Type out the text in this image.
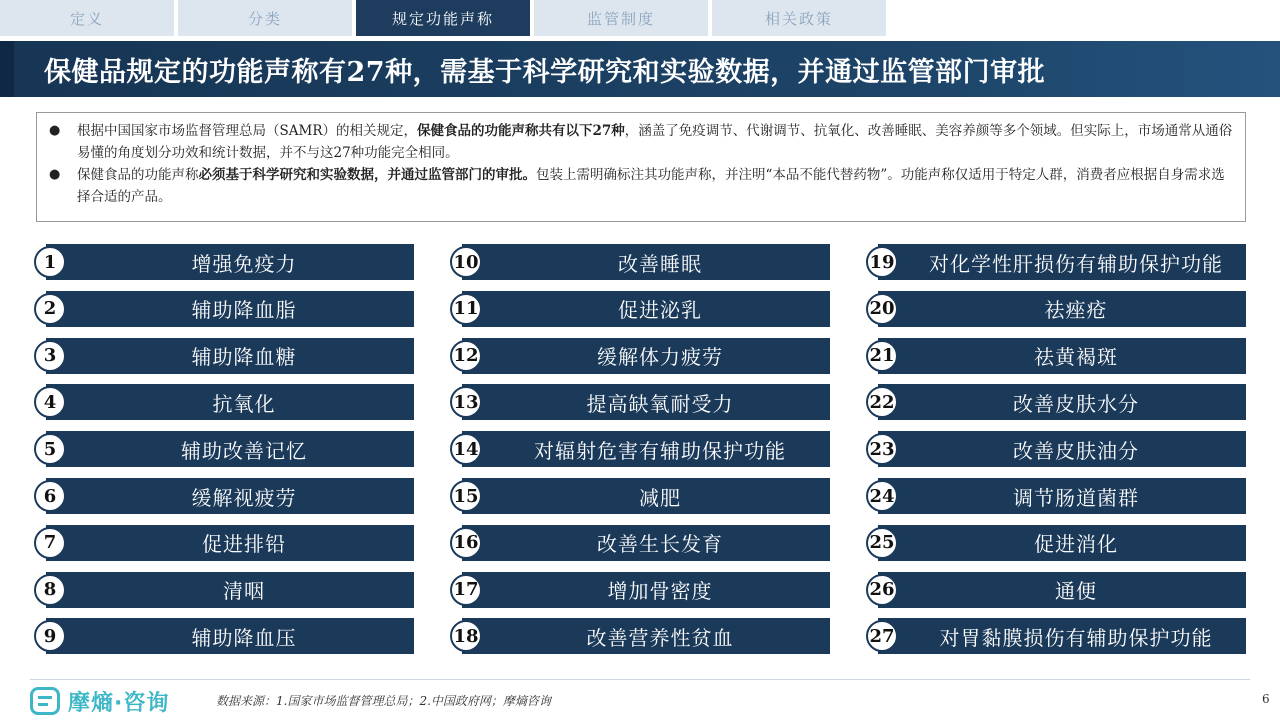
定义	分类	规定功能声称	监管制度	相关政策
保健品规定的功能声称有27种，需基于科学研究和实验数据，并通过监管部门审批

● 根据中国国家市场监督管理总局（SAMR）的相关规定，保健食品的功能声称共有以下27种，涵盖了免疫调节、代谢调节、抗氧化、改善睡眠、美容养颜等多个领域。但实际上，市场通常从通俗易懂的角度划分功效和统计数据，并不与这27种功能完全相同。

● 保健食品的功能声称必须基于科学研究和实验数据，并通过监管部门的审批。包装上需明确标注其功能声称，并注明“本品不能代替药物”。功能声称仅适用于特定人群，消费者应根据自身需求选择合适的产品。

增强免疫力
1
辅助降血脂
2
辅助降血糖
3
抗氧化
4
辅助改善记忆
5
缓解视疲劳
6
促进排铅
7
清咽
8
辅助降血压
9
改善睡眠
10
促进泌乳
11
缓解体力疲劳
12
提高缺氧耐受力
13
对辐射危害有辅助保护功能
14
减肥
15
改善生长发育
16
增加骨密度
17
改善营养性贫血
18
对化学性肝损伤有辅助保护功能
19
祛痤疮
20
祛黄褐斑
21
改善皮肤水分
22
改善皮肤油分
23
调节肠道菌群
24
促进消化
25
通便
26
对胃黏膜损伤有辅助保护功能
27
摩熵·咨询	数据来源：1.国家市场监督管理总局；2.中国政府网；摩熵咨询	6
